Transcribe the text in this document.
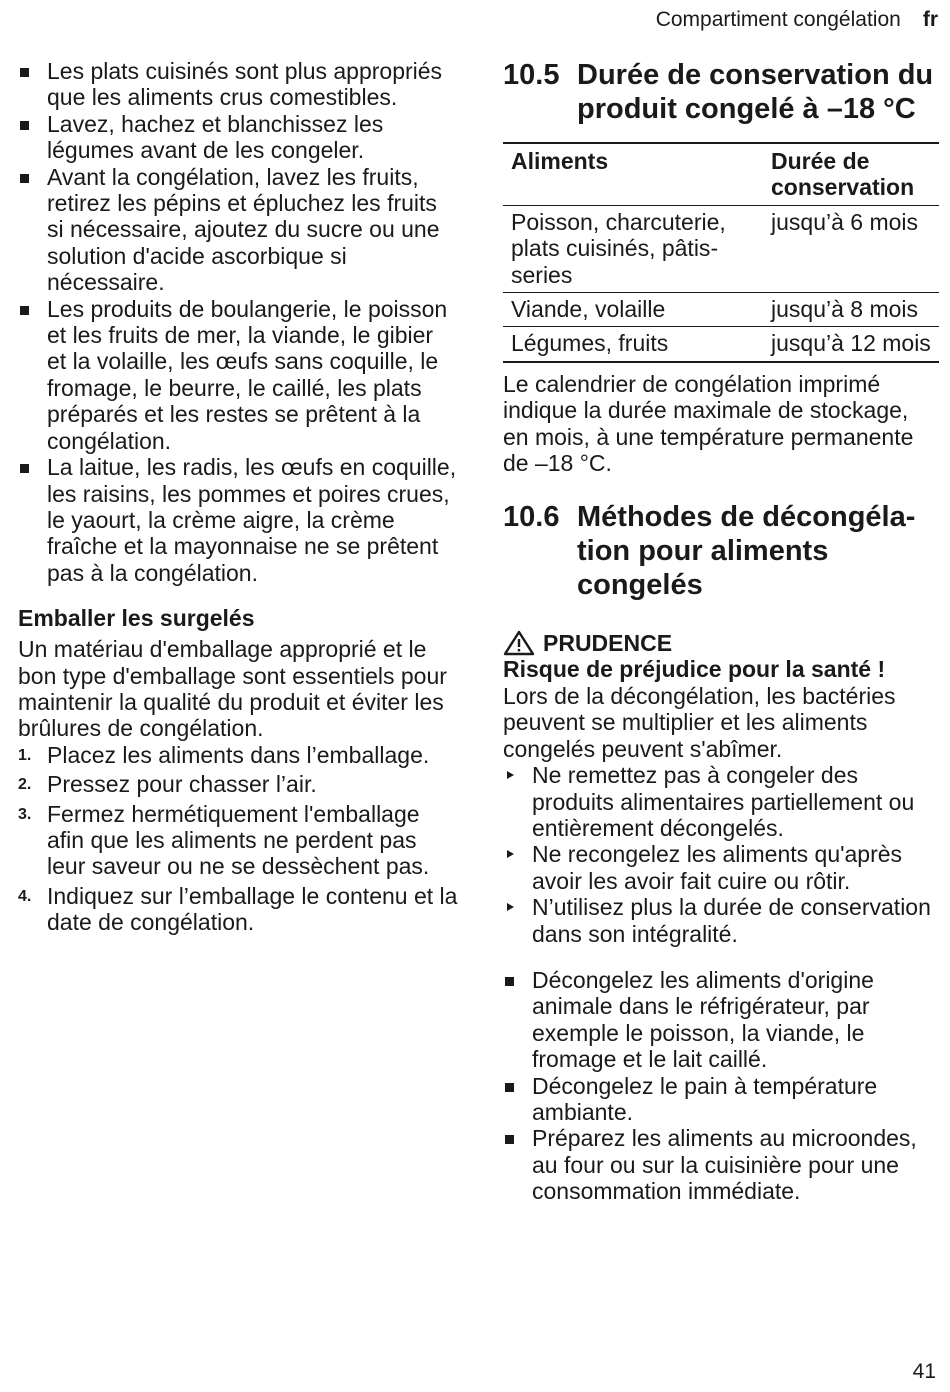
Compartiment congélation fr
Les plats cuisinés sont plus appropriés que les aliments crus comestibles.
Lavez, hachez et blanchissez les légumes avant de les congeler.
Avant la congélation, lavez les fruits, retirez les pépins et épluchez les fruits si nécessaire, ajoutez du sucre ou une solution d'acide ascorbique si nécessaire.
Les produits de boulangerie, le poisson et les fruits de mer, la viande, le gibier et la volaille, les œufs sans coquille, le fromage, le beurre, le caillé, les plats préparés et les restes se prêtent à la congélation.
La laitue, les radis, les œufs en coquille, les raisins, les pommes et poires crues, le yaourt, la crème aigre, la crème fraîche et la mayonnaise ne se prêtent pas à la congélation.
Emballer les surgelés
Un matériau d'emballage approprié et le bon type d'emballage sont essentiels pour maintenir la qualité du produit et éviter les brûlures de congélation.
1. Placez les aliments dans l’emballage.
2. Pressez pour chasser l’air.
3. Fermez hermétiquement l'emballage afin que les aliments ne perdent pas leur saveur ou ne se dessèchent pas.
4. Indiquez sur l’emballage le contenu et la date de congélation.
10.5 Durée de conservation du produit congelé à –18 °C
Aliments	Durée de conservation
Poisson, charcuterie, plats cuisinés, pâtisseries	jusqu’à 6 mois
Viande, volaille	jusqu’à 8 mois
Légumes, fruits	jusqu’à 12 mois
Le calendrier de congélation imprimé indique la durée maximale de stockage, en mois, à une température permanente de –18 °C.
10.6 Méthodes de décongélation pour aliments congelés
PRUDENCE
Risque de préjudice pour la santé !
Lors de la décongélation, les bactéries peuvent se multiplier et les aliments congelés peuvent s'abîmer.
Ne remettez pas à congeler des produits alimentaires partiellement ou entièrement décongelés.
Ne recongelez les aliments qu'après avoir les avoir fait cuire ou rôtir.
N’utilisez plus la durée de conservation dans son intégralité.
Décongelez les aliments d'origine animale dans le réfrigérateur, par exemple le poisson, la viande, le fromage et le lait caillé.
Décongelez le pain à température ambiante.
Préparez les aliments au microondes, au four ou sur la cuisinière pour une consommation immédiate.
41
